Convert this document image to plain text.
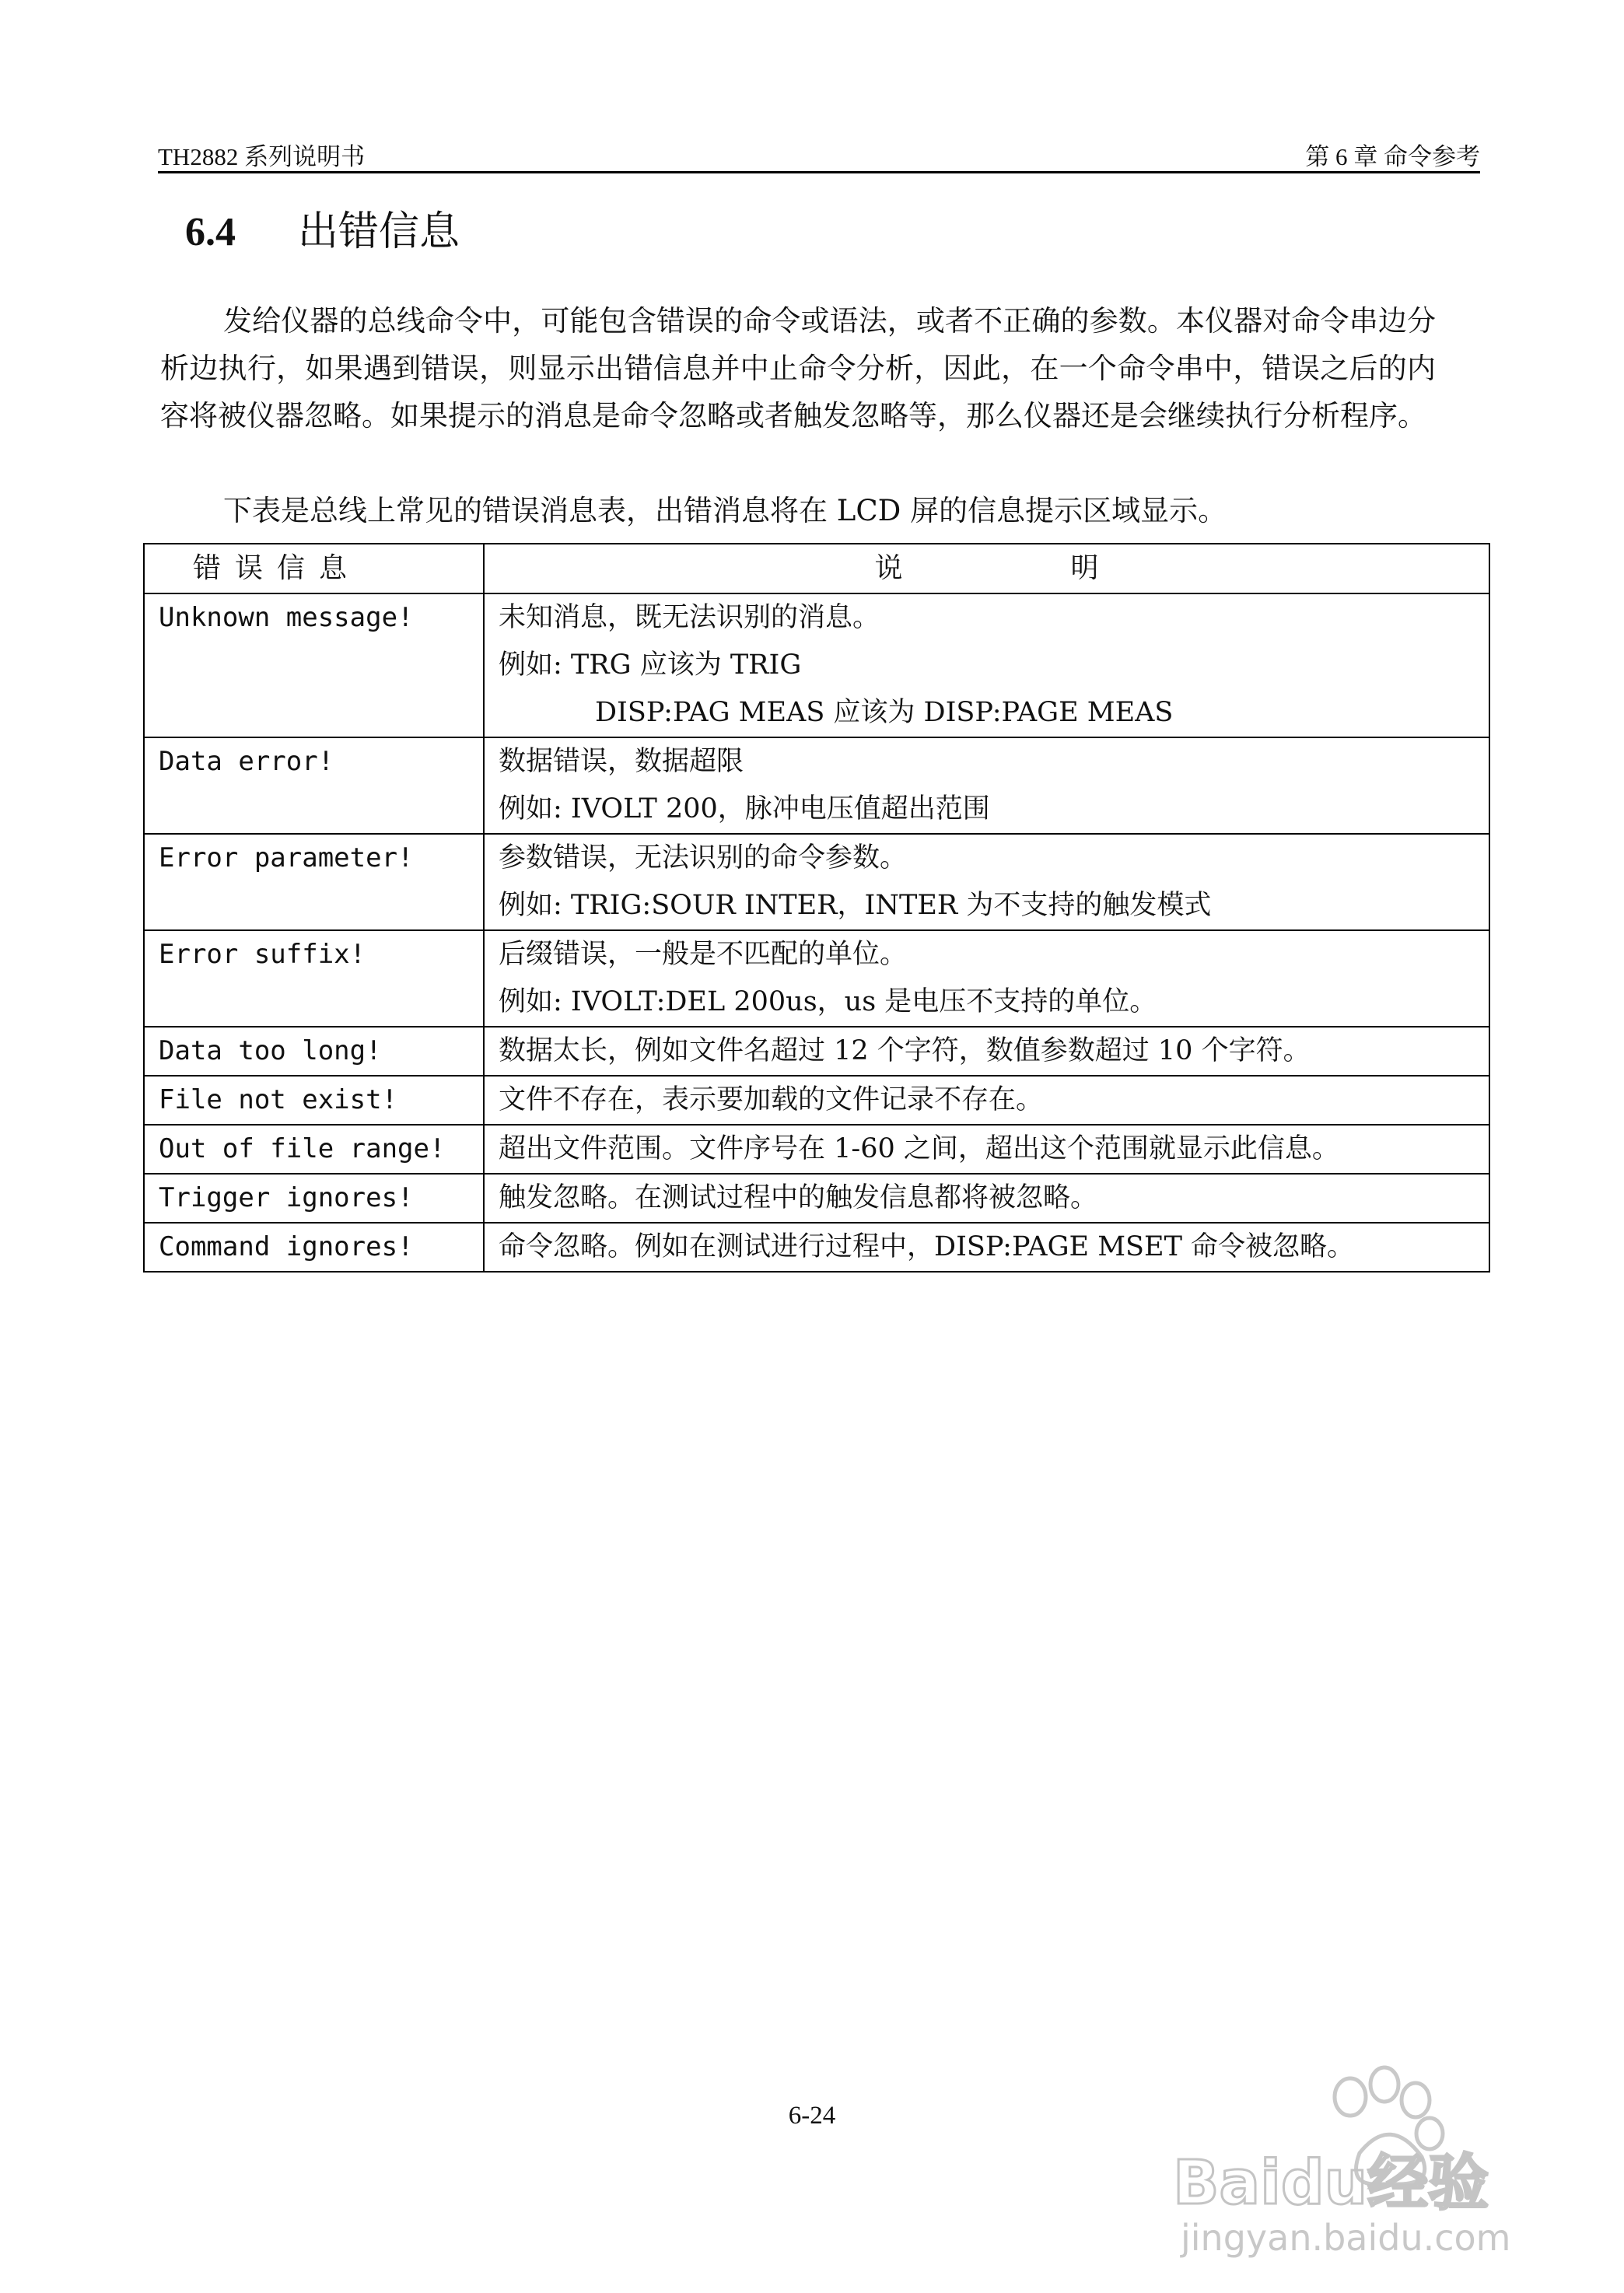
TH2882 系列说明书	第 6 章 命令参考
6.4 出错信息
发给仪器的总线命令中，可能包含错误的命令或语法，或者不正确的参数。本仪器对命令串边分析边执行，如果遇到错误，则显示出错信息并中止命令分析，因此，在一个命令串中，错误之后的内容将被仪器忽略。如果提示的消息是命令忽略或者触发忽略等，那么仪器还是会继续执行分析程序。
下表是总线上常见的错误消息表，出错消息将在 LCD 屏的信息提示区域显示。
错误信息	说　　　　　　明
Unknown message!	未知消息，既无法识别的消息。
例如: TRG 应该为 TRIG
DISP:PAG MEAS 应该为 DISP:PAGE MEAS

Data error!	数据错误，数据超限
例如: IVOLT 200，脉冲电压值超出范围

Error parameter!	参数错误，无法识别的命令参数。
例如: TRIG:SOUR INTER，INTER 为不支持的触发模式

Error suffix!	后缀错误，一般是不匹配的单位。
例如: IVOLT:DEL 200us，us 是电压不支持的单位。

Data too long!	数据太长，例如文件名超过 12 个字符，数值参数超过 10 个字符。

File not exist!	文件不存在，表示要加载的文件记录不存在。

Out of file range!	超出文件范围。文件序号在 1-60 之间，超出这个范围就显示此信息。

Trigger ignores!	触发忽略。在测试过程中的触发信息都将被忽略。

Command ignores!	命令忽略。例如在测试进行过程中，DISP:PAGE MSET 命令被忽略。
6-24
Baidu经验
jingyan.baidu.com
